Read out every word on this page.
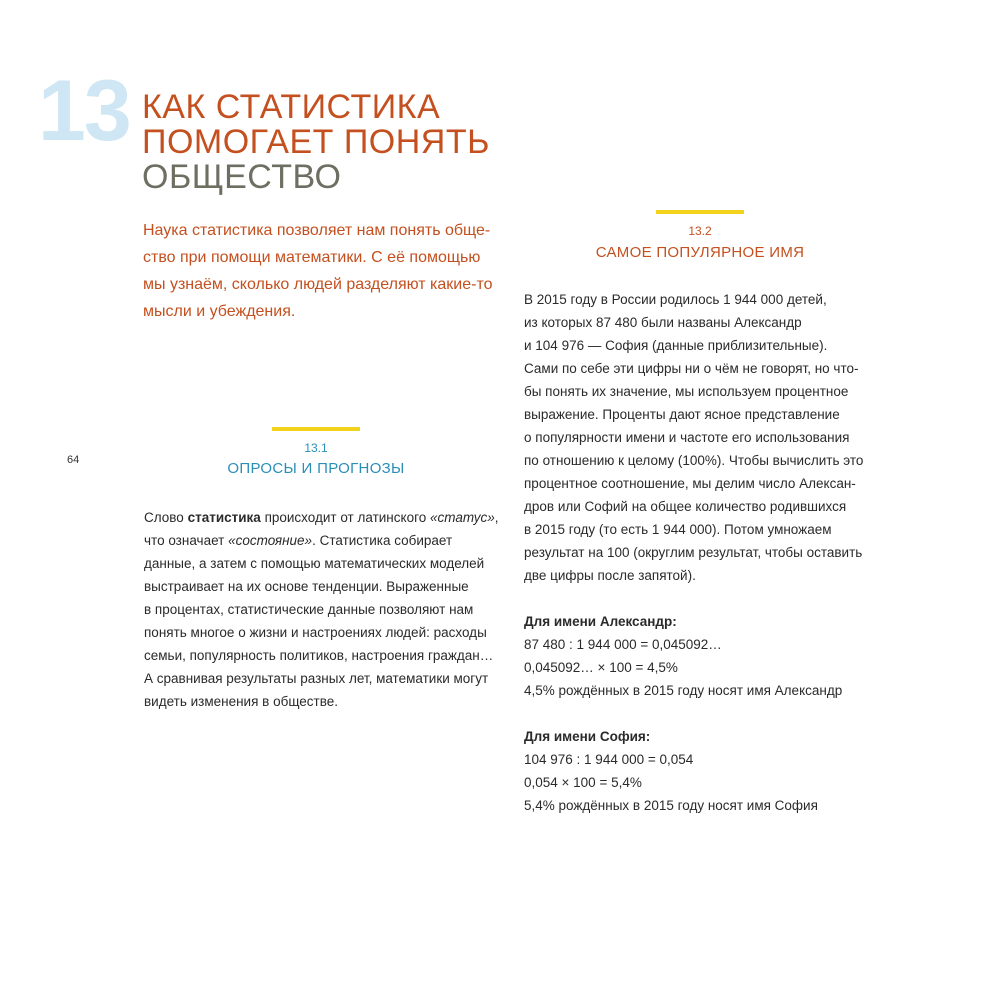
13 КАК СТАТИСТИКА
ПОМОГАЕТ ПОНЯТЬ
ОБЩЕСТВО
Наука статистика позволяет нам понять обще-
ство при помощи математики. С её помощью
мы узнаём, сколько людей разделяют какие-то
мысли и убеждения.
64
13.1
ОПРОСЫ И ПРОГНОЗЫ
Слово статистика происходит от латинского «статус»,
что означает «состояние». Статистика собирает
данные, а затем с помощью математических моделей
выстраивает на их основе тенденции. Выраженные
в процентах, статистические данные позволяют нам
понять многое о жизни и настроениях людей: расходы
семьи, популярность политиков, настроения граждан…
А сравнивая результаты разных лет, математики могут
видеть изменения в обществе.
13.2
САМОЕ ПОПУЛЯРНОЕ ИМЯ
В 2015 году в России родилось 1 944 000 детей,
из которых 87 480 были названы Александр
и 104 976 — София (данные приблизительные).
Сами по себе эти цифры ни о чём не говорят, но что-
бы понять их значение, мы используем процентное
выражение. Проценты дают ясное представление
о популярности имени и частоте его использования
по отношению к целому (100%). Чтобы вычислить это
процентное соотношение, мы делим число Алексан-
дров или Софий на общее количество родившихся
в 2015 году (то есть 1 944 000). Потом умножаем
результат на 100 (округлим результат, чтобы оставить
две цифры после запятой).
Для имени Александр:
87 480 : 1 944 000 = 0,045092…
0,045092… × 100 = 4,5%
4,5% рождённых в 2015 году носят имя Александр
Для имени София:
104 976 : 1 944 000 = 0,054
0,054 × 100 = 5,4%
5,4% рождённых в 2015 году носят имя София
